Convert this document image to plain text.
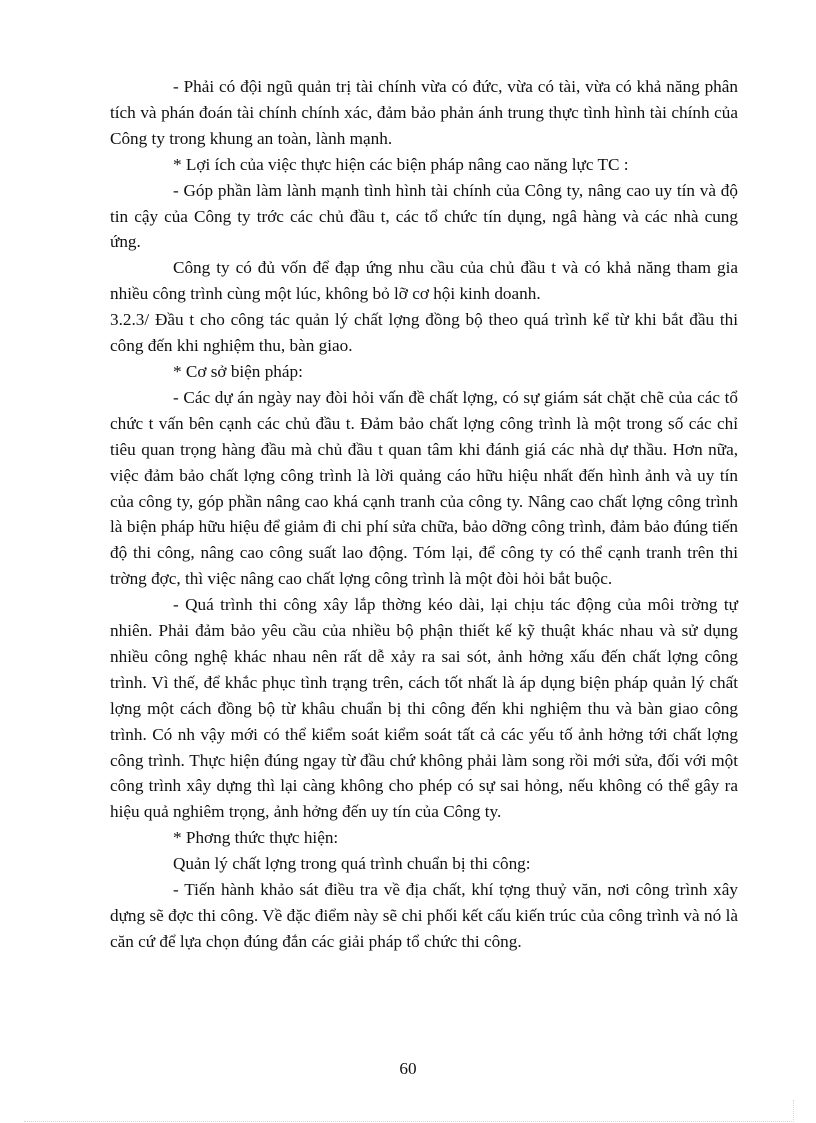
- Phải có đội ngũ quản trị tài chính vừa có đức, vừa có tài, vừa có khả năng phân tích và phán đoán tài chính chính xác, đảm bảo phản ánh trung thực tình hình tài chính của Công ty trong khung an toàn, lành mạnh.

* Lợi ích của việc thực hiện các biện pháp nâng cao năng lực TC :

- Góp phần làm lành mạnh tình hình tài chính của Công ty, nâng cao uy tín và độ tin cậy của Công ty trớc các chủ đầu t, các tổ chức tín dụng, ngâ hàng và các nhà cung ứng.

Công ty có đủ vốn để đạp ứng nhu cầu của chủ đầu t và có khả năng tham gia nhiều công trình cùng một lúc, không bỏ lỡ cơ hội kinh doanh.

3.2.3/ Đầu t cho công tác quản lý chất lợng đồng bộ theo quá trình kể từ khi bắt đầu thi công đến khi nghiệm thu, bàn giao.

* Cơ sở biện pháp:

- Các dự án ngày nay đòi hỏi vấn đề chất lợng, có sự giám sát chặt chẽ của các tổ chức t vấn bên cạnh các chủ đầu t. Đảm bảo chất lợng công trình là một trong số các chỉ tiêu quan trọng hàng đầu mà chủ đầu t quan tâm khi đánh giá các nhà dự thầu. Hơn nữa, việc đảm bảo chất lợng công trình là lời quảng cáo hữu hiệu nhất đến hình ảnh và uy tín của công ty, góp phần nâng cao khá cạnh tranh của công ty. Nâng cao chất lợng công trình là biện pháp hữu hiệu để giảm đi chi phí sửa chữa, bảo dỡng công trình, đảm bảo đúng tiến độ thi công, nâng cao công suất lao động. Tóm lại, để công ty có thể cạnh tranh trên thi trờng đợc, thì việc nâng cao chất lợng công trình là một đòi hỏi bắt buộc.

- Quá trình thi công xây lắp thờng kéo dài, lại chịu tác động của môi trờng tự nhiên. Phải đảm bảo yêu cầu của nhiều bộ phận thiết kế kỹ thuật khác nhau và sử dụng nhiều công nghệ khác nhau nên rất dễ xảy ra sai sót, ảnh hởng xấu đến chất lợng công trình. Vì thế, để khắc phục tình trạng trên, cách tốt nhất là áp dụng biện pháp quản lý chất lợng một cách đồng bộ từ khâu chuẩn bị thi công đến khi nghiệm thu và bàn giao công trình. Có nh vậy mới có thể kiểm soát kiểm soát tất cả các yếu tố ảnh hởng tới chất lợng công trình. Thực hiện đúng ngay từ đầu chứ không phải làm song rồi mới sửa, đối với một công trình xây dựng thì lại càng không cho phép có sự sai hỏng, nếu không có thể gây ra hiệu quả nghiêm trọng, ảnh hởng đến uy tín của Công ty.

* Phơng thức thực hiện:

Quản lý chất lợng trong quá trình chuẩn bị thi công:

- Tiến hành khảo sát điều tra về địa chất, khí tợng thuỷ văn, nơi công trình xây dựng sẽ đợc thi công. Về đặc điểm này sẽ chi phối kết cấu kiến trúc của công trình và nó là căn cứ để lựa chọn đúng đắn các giải pháp tổ chức thi công.

60
